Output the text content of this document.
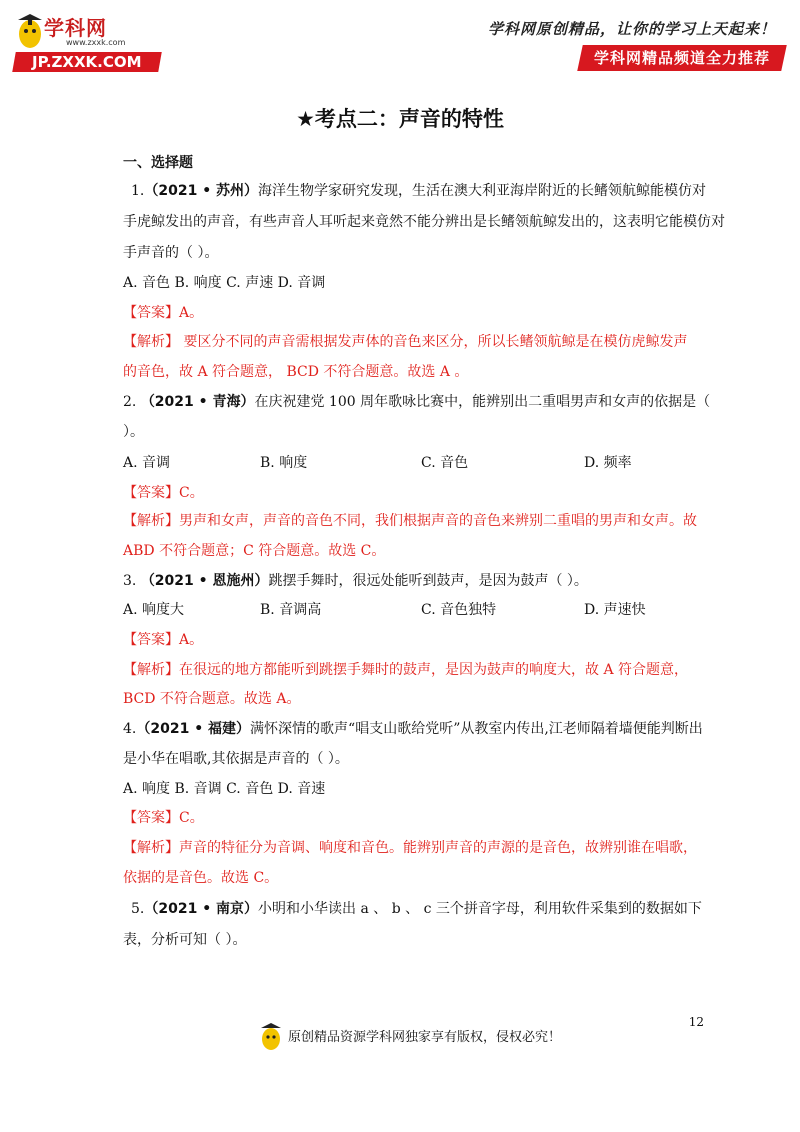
学科网
www.zxxk.com
JP.ZXXK.COM
学科网原创精品，让你的学习上天起来！
学科网精品频道全力推荐
★考点二：声音的特性
一、选择题
1.（2021 • 苏州）海洋生物学家研究发现，生活在澳大利亚海岸附近的长鳍领航鲸能模仿对
手虎鲸发出的声音，有些声音人耳听起来竟然不能分辨出是长鳍领航鲸发出的，这表明它能模仿对
手声音的（ ）。
A. 音色 B. 响度 C. 声速 D. 音调
【答案】A。
【解析】 要区分不同的声音需根据发声体的音色来区分，所以长鳍领航鲸是在模仿虎鲸发声
的音色，故 A 符合题意， BCD 不符合题意。故选 A 。
2. （2021 • 青海）在庆祝建党 100 周年歌咏比赛中，能辨别出二重唱男声和女声的依据是（
）。
A. 音调	B. 响度	C. 音色	D. 频率
【答案】C。
【解析】男声和女声，声音的音色不同，我们根据声音的音色来辨别二重唱的男声和女声。故
ABD 不符合题意；C 符合题意。故选 C。
3. （2021 • 恩施州）跳摆手舞时，很远处能听到鼓声，是因为鼓声（ ）。
A. 响度大	B. 音调高	C. 音色独特	D. 声速快
【答案】A。
【解析】在很远的地方都能听到跳摆手舞时的鼓声，是因为鼓声的响度大，故 A 符合题意，
BCD 不符合题意。故选 A。
4.（2021 • 福建）满怀深情的歌声“唱支山歌给党听”从教室内传出,江老师隔着墙便能判断出
是小华在唱歌,其依据是声音的（ ）。
A. 响度 B. 音调 C. 音色 D. 音速
【答案】C。
【解析】声音的特征分为音调、响度和音色。能辨别声音的声源的是音色，故辨别谁在唱歌，
依据的是音色。故选 C。
5.（2021 • 南京）小明和小华读出 a 、 b 、 c 三个拼音字母，利用软件采集到的数据如下
表，分析可知（ ）。
12
原创精品资源学科网独家享有版权，侵权必究！
